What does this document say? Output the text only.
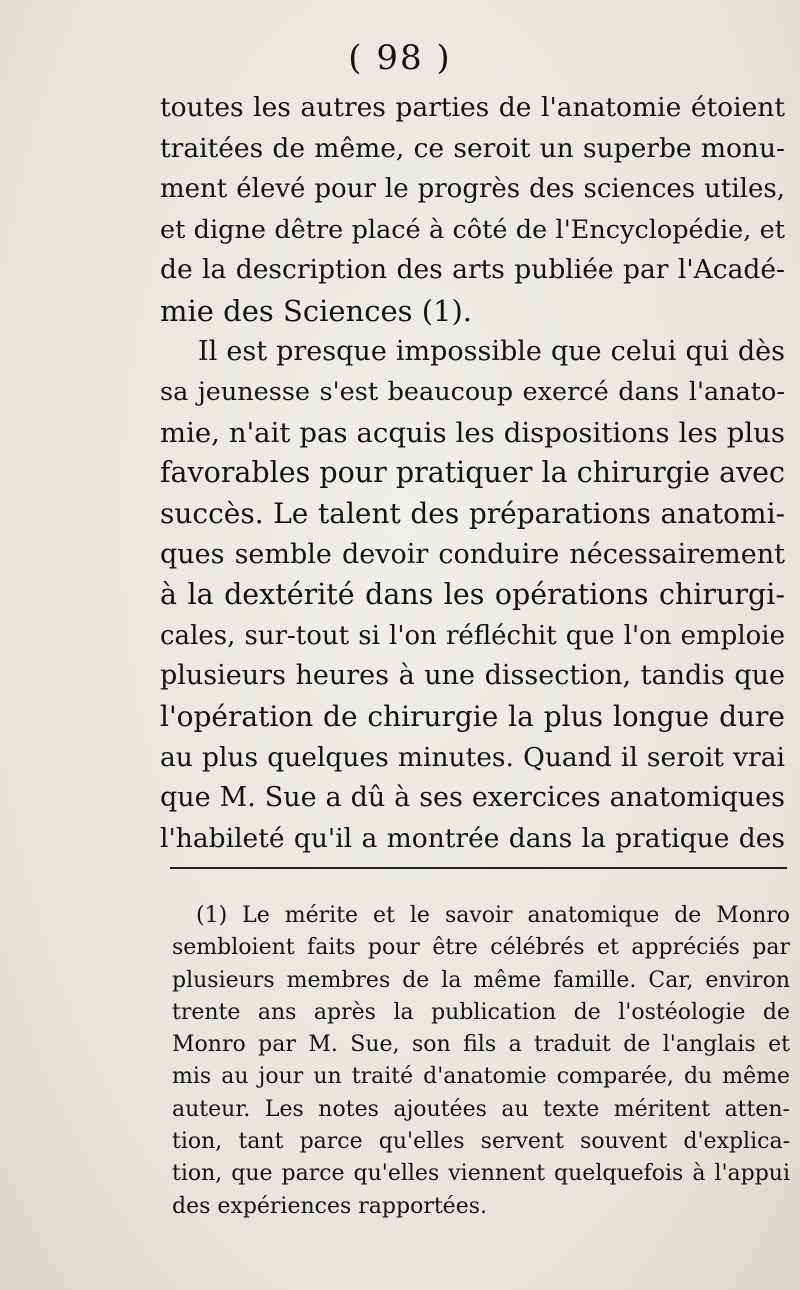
( 98 )
toutes les autres parties de l'anatomie étoient
traitées de même, ce seroit un superbe monu-
ment élevé pour le progrès des sciences utiles,
et digne dêtre placé à côté de l'Encyclopédie, et
de la description des arts publiée par l'Acadé-
mie des Sciences (1).
Il est presque impossible que celui qui dès
sa jeunesse s'est beaucoup exercé dans l'anato-
mie, n'ait pas acquis les dispositions les plus
favorables pour pratiquer la chirurgie avec
succès. Le talent des préparations anatomi-
ques semble devoir conduire nécessairement
à la dextérité dans les opérations chirurgi-
cales, sur-tout si l'on réfléchit que l'on emploie
plusieurs heures à une dissection, tandis que
l'opération de chirurgie la plus longue dure
au plus quelques minutes. Quand il seroit vrai
que M. Sue a dû à ses exercices anatomiques
l'habileté qu'il a montrée dans la pratique des
(1) Le mérite et le savoir anatomique de Monro
sembloient faits pour être célébrés et appréciés par
plusieurs membres de la même famille. Car, environ
trente ans après la publication de l'ostéologie de
Monro par M. Sue, son fils a traduit de l'anglais et
mis au jour un traité d'anatomie comparée, du même
auteur. Les notes ajoutées au texte méritent atten-
tion, tant parce qu'elles servent souvent d'explica-
tion, que parce qu'elles viennent quelquefois à l'appui
des expériences rapportées.
